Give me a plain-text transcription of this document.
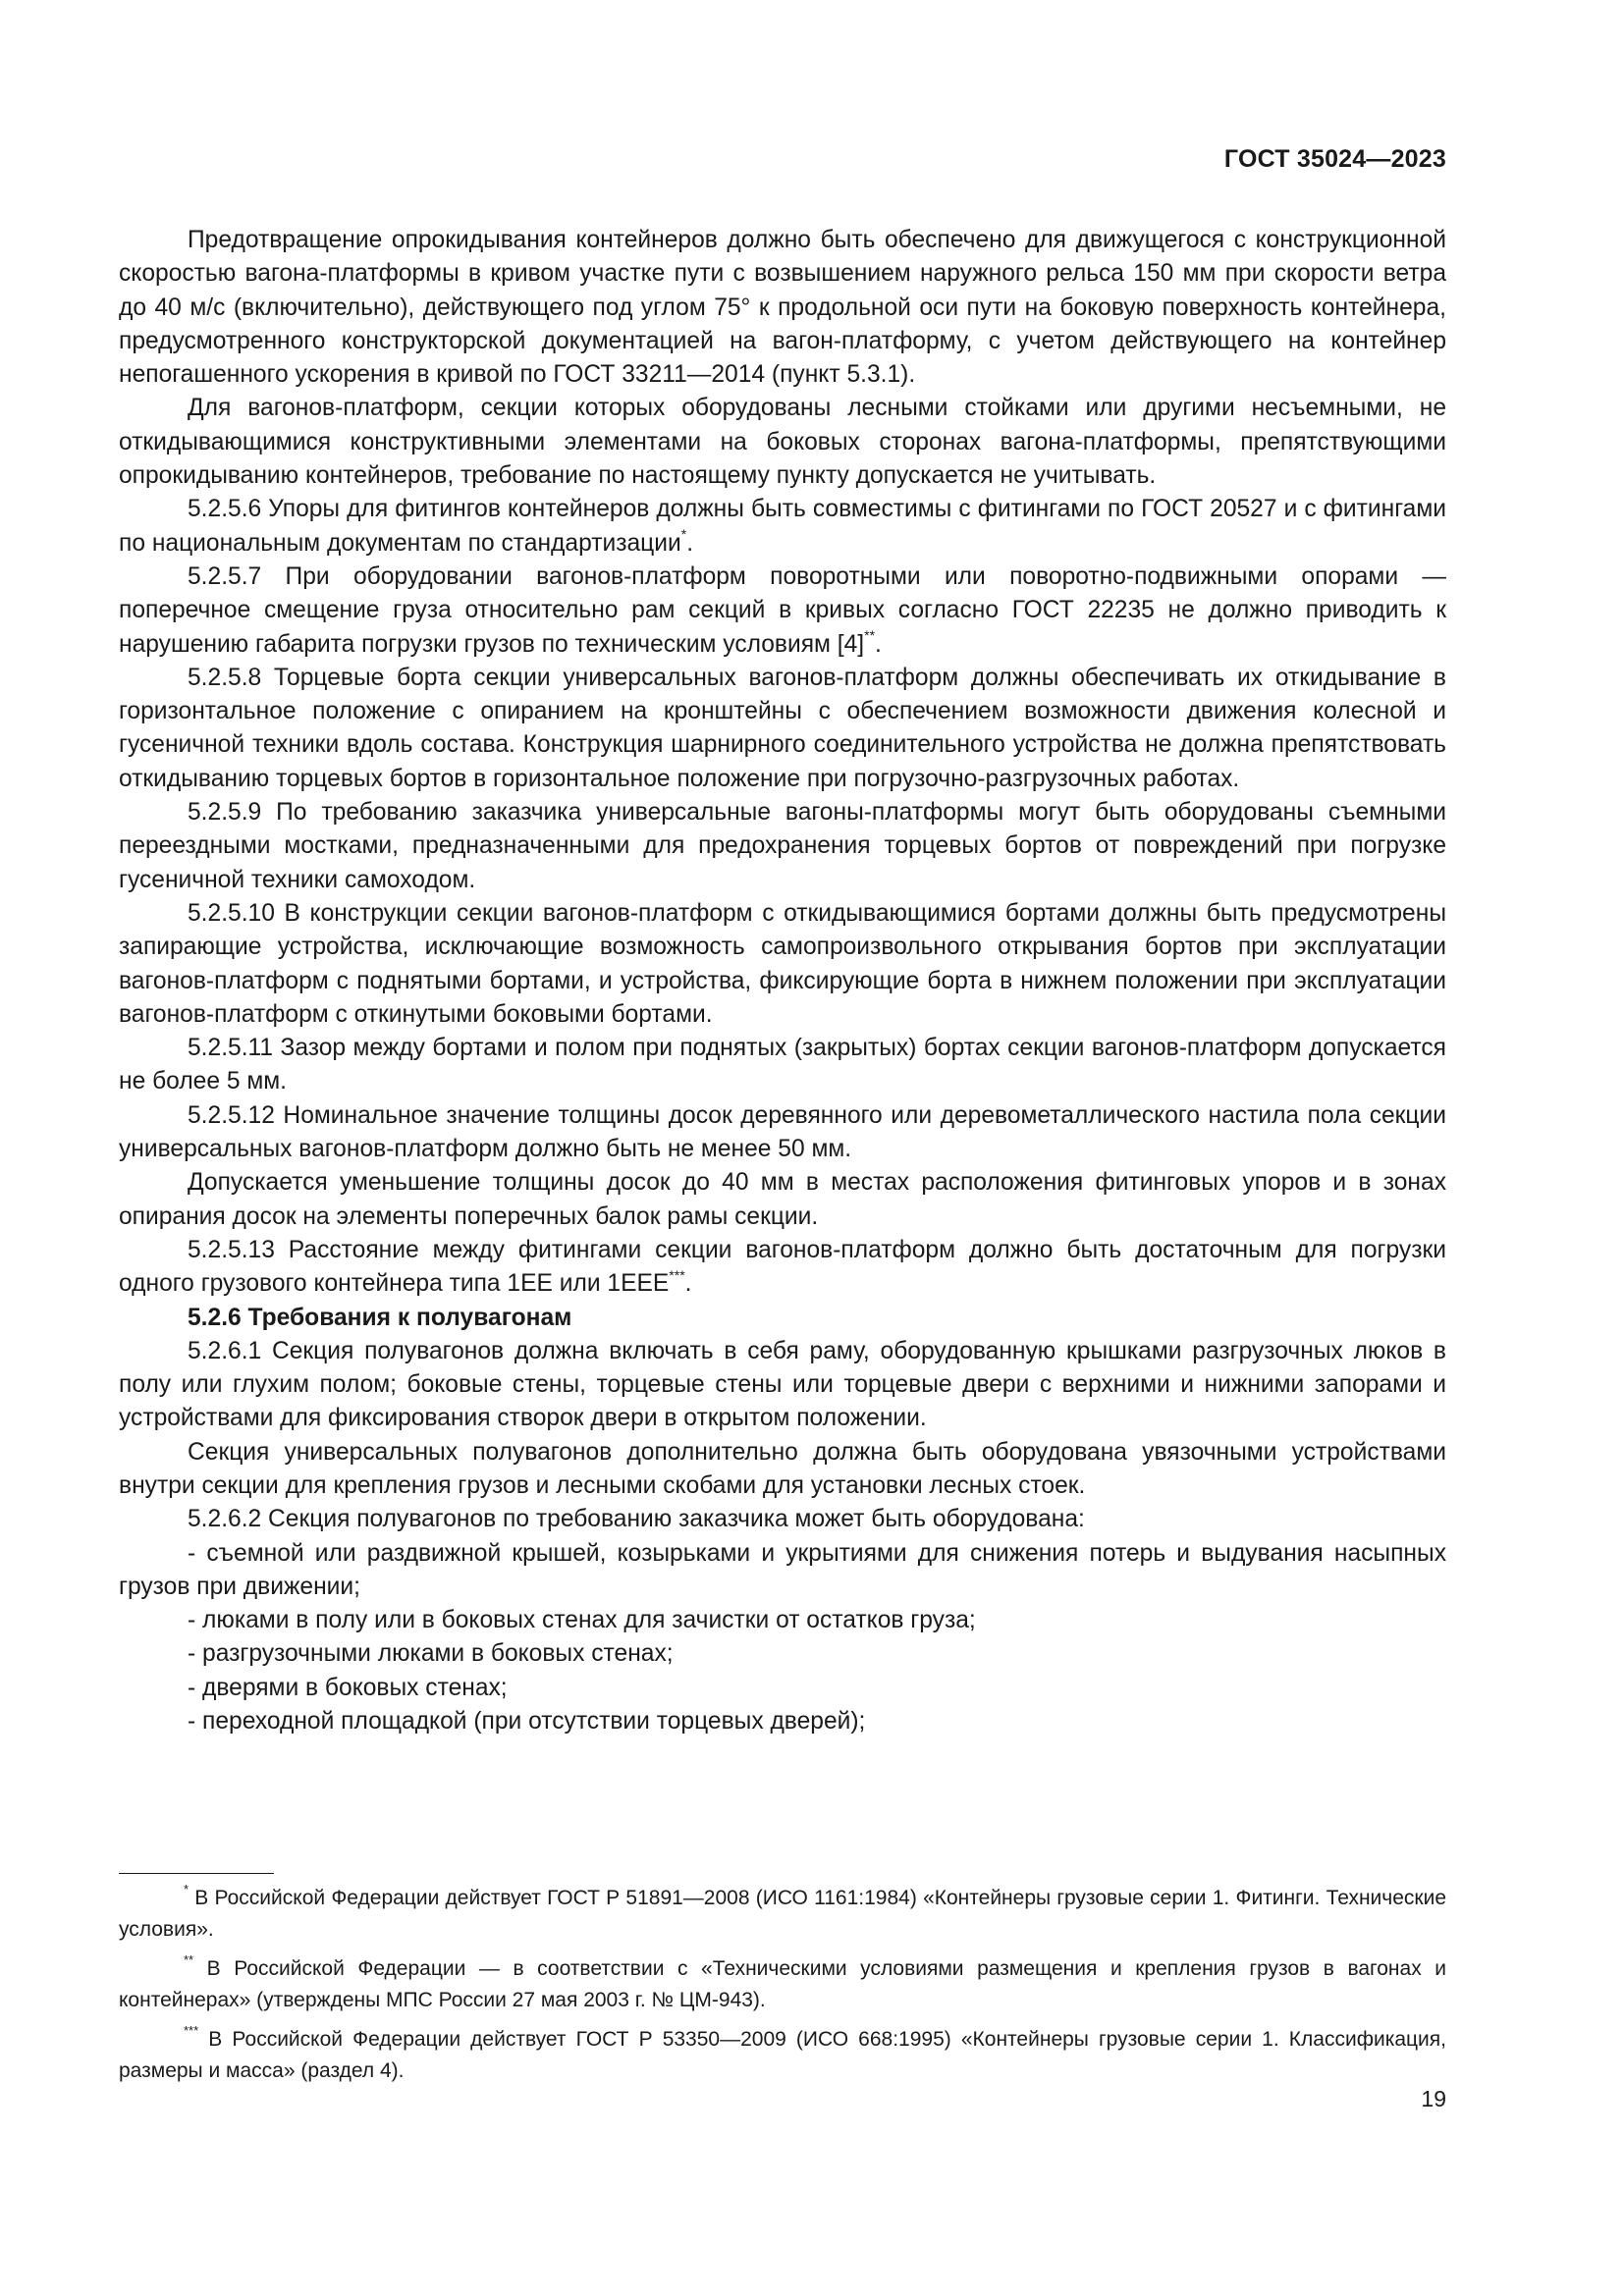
ГОСТ 35024—2023

Предотвращение опрокидывания контейнеров должно быть обеспечено для движущегося с конструкционной скоростью вагона-платформы в кривом участке пути с возвышением наружного рельса 150 мм при скорости ветра до 40 м/с (включительно), действующего под углом 75° к продольной оси пути на боковую поверхность контейнера, предусмотренного конструкторской документацией на вагон-платформу, с учетом действующего на контейнер непогашенного ускорения в кривой по ГОСТ 33211—2014 (пункт 5.3.1).

Для вагонов-платформ, секции которых оборудованы лесными стойками или другими несъемными, не откидывающимися конструктивными элементами на боковых сторонах вагона-платформы, препятствующими опрокидыванию контейнеров, требование по настоящему пункту допускается не учитывать.

5.2.5.6 Упоры для фитингов контейнеров должны быть совместимы с фитингами по ГОСТ 20527 и с фитингами по национальным документам по стандартизации*.

5.2.5.7 При оборудовании вагонов-платформ поворотными или поворотно-подвижными опорами — поперечное смещение груза относительно рам секций в кривых согласно ГОСТ 22235 не должно приводить к нарушению габарита погрузки грузов по техническим условиям [4]**.

5.2.5.8 Торцевые борта секции универсальных вагонов-платформ должны обеспечивать их откидывание в горизонтальное положение с опиранием на кронштейны с обеспечением возможности движения колесной и гусеничной техники вдоль состава. Конструкция шарнирного соединительного устройства не должна препятствовать откидыванию торцевых бортов в горизонтальное положение при погрузочно-разгрузочных работах.

5.2.5.9 По требованию заказчика универсальные вагоны-платформы могут быть оборудованы съемными переездными мостками, предназначенными для предохранения торцевых бортов от повреждений при погрузке гусеничной техники самоходом.

5.2.5.10 В конструкции секции вагонов-платформ с откидывающимися бортами должны быть предусмотрены запирающие устройства, исключающие возможность самопроизвольного открывания бортов при эксплуатации вагонов-платформ с поднятыми бортами, и устройства, фиксирующие борта в нижнем положении при эксплуатации вагонов-платформ с откинутыми боковыми бортами.

5.2.5.11 Зазор между бортами и полом при поднятых (закрытых) бортах секции вагонов-платформ допускается не более 5 мм.

5.2.5.12 Номинальное значение толщины досок деревянного или деревометаллического настила пола секции универсальных вагонов-платформ должно быть не менее 50 мм.

Допускается уменьшение толщины досок до 40 мм в местах расположения фитинговых упоров и в зонах опирания досок на элементы поперечных балок рамы секции.

5.2.5.13 Расстояние между фитингами секции вагонов-платформ должно быть достаточным для погрузки одного грузового контейнера типа 1ЕЕ или 1ЕЕЕ***.

5.2.6 Требования к полувагонам

5.2.6.1 Секция полувагонов должна включать в себя раму, оборудованную крышками разгрузочных люков в полу или глухим полом; боковые стены, торцевые стены или торцевые двери с верхними и нижними запорами и устройствами для фиксирования створок двери в открытом положении.

Секция универсальных полувагонов дополнительно должна быть оборудована увязочными устройствами внутри секции для крепления грузов и лесными скобами для установки лесных стоек.

5.2.6.2 Секция полувагонов по требованию заказчика может быть оборудована:

- съемной или раздвижной крышей, козырьками и укрытиями для снижения потерь и выдувания насыпных грузов при движении;

- люками в полу или в боковых стенах для зачистки от остатков груза;

- разгрузочными люками в боковых стенах;

- дверями в боковых стенах;

- переходной площадкой (при отсутствии торцевых дверей);

* В Российской Федерации действует ГОСТ Р 51891—2008 (ИСО 1161:1984) «Контейнеры грузовые серии 1. Фитинги. Технические условия».

** В Российской Федерации — в соответствии с «Техническими условиями размещения и крепления грузов в вагонах и контейнерах» (утверждены МПС России 27 мая 2003 г. № ЦМ-943).

*** В Российской Федерации действует ГОСТ Р 53350—2009 (ИСО 668:1995) «Контейнеры грузовые серии 1. Классификация, размеры и масса» (раздел 4).

19
